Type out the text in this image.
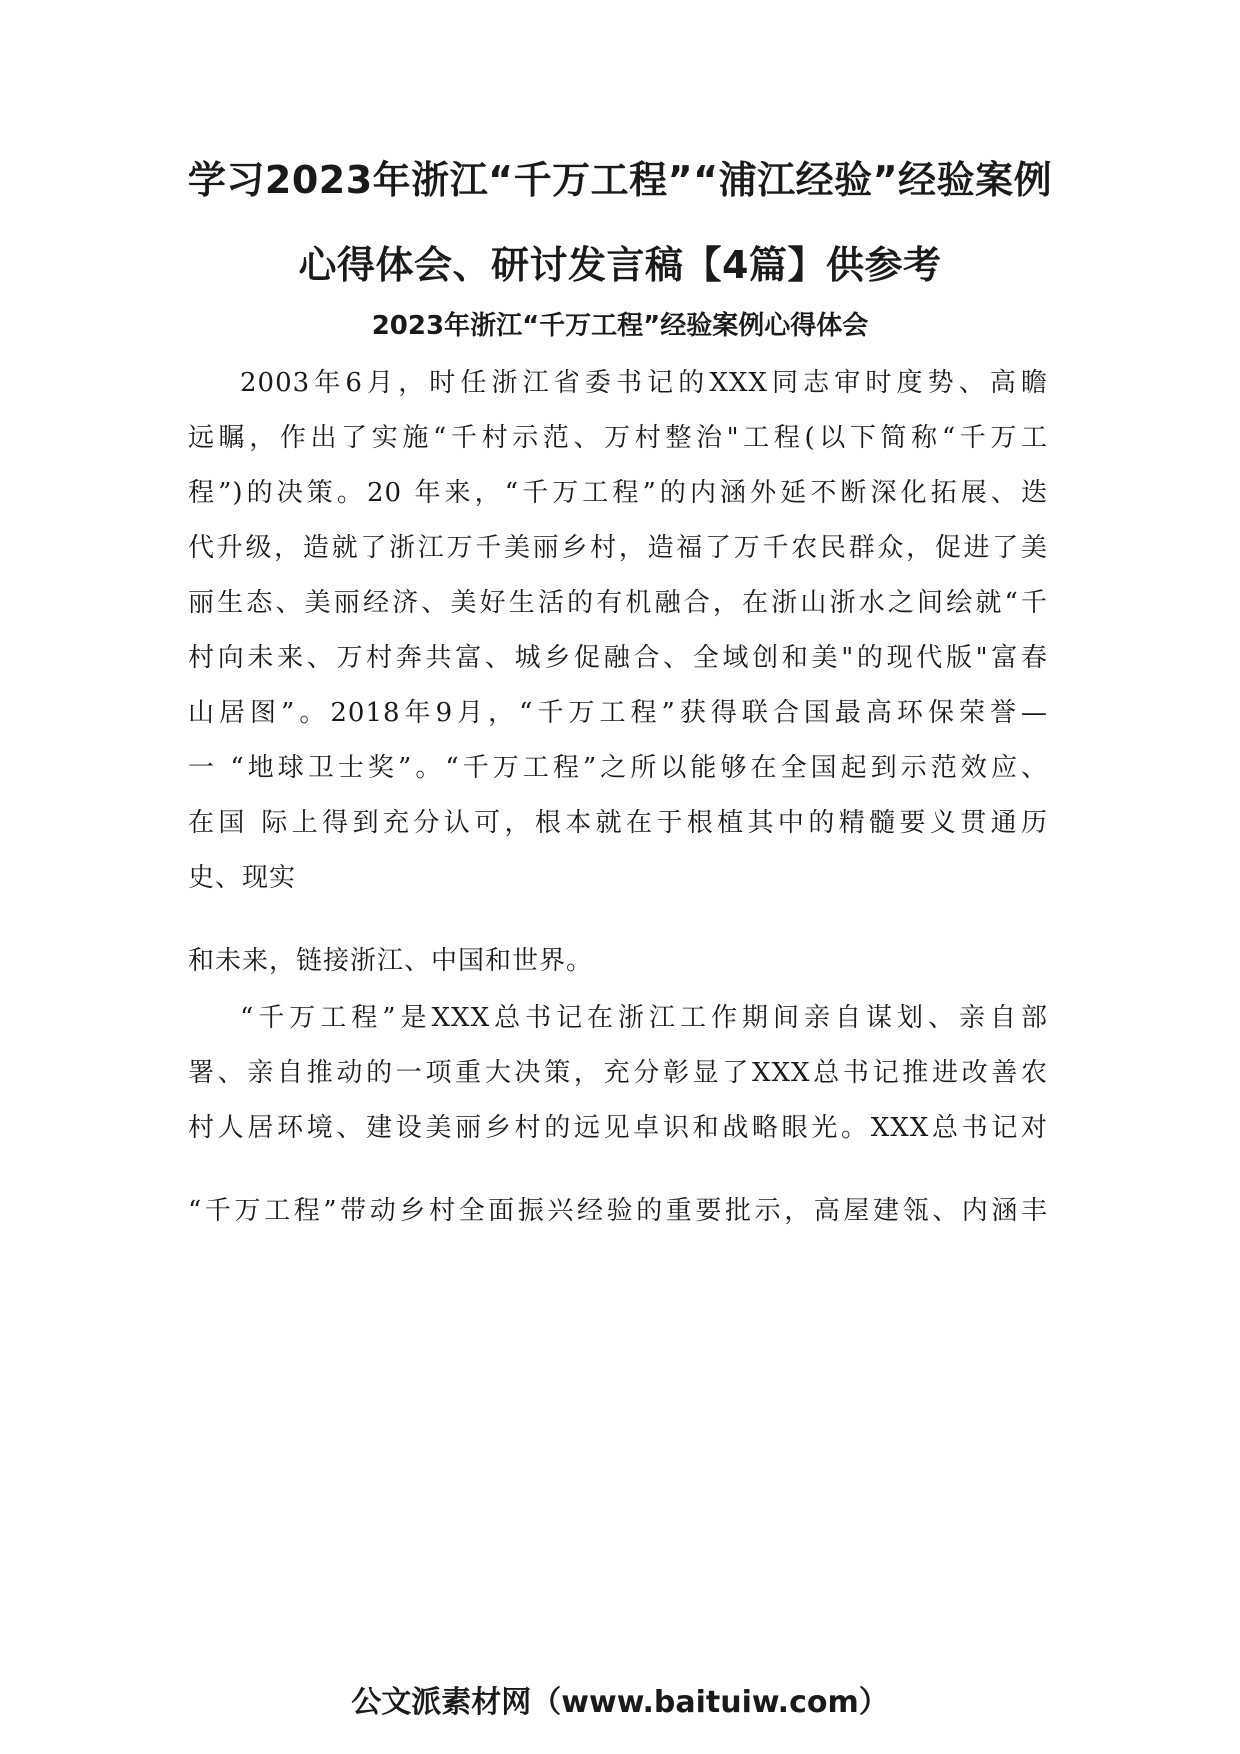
学习2023年浙江“千万工程”“浦江经验”经验案例
心得体会、研讨发言稿【4篇】供参考
2023年浙江“千万工程”经验案例心得体会
2003年6月，时任浙江省委书记的XXX同志审时度势、高瞻
远瞩，作出了实施“千村示范、万村整治"工程(以下简称“千万工
程”)的决策。20 年来，“千万工程”的内涵外延不断深化拓展、迭
代升级，造就了浙江万千美丽乡村，造福了万千农民群众，促进了美
丽生态、美丽经济、美好生活的有机融合，在浙山浙水之间绘就“千
村向未来、万村奔共富、城乡促融合、全域创和美"的现代版"富春
山居图”。2018年9月，“千万工程”获得联合国最高环保荣誉—
一 “地球卫士奖”。“千万工程”之所以能够在全国起到示范效应、
在国 际上得到充分认可，根本就在于根植其中的精髓要义贯通历
史、现实
和未来，链接浙江、中国和世界。
“千万工程”是XXX总书记在浙江工作期间亲自谋划、亲自部
署、亲自推动的一项重大决策，充分彰显了XXX总书记推进改善农
村人居环境、建设美丽乡村的远见卓识和战略眼光。XXX总书记对
“千万工程”带动乡村全面振兴经验的重要批示，高屋建瓴、内涵丰
公文派素材网（www.baituiw.com）
